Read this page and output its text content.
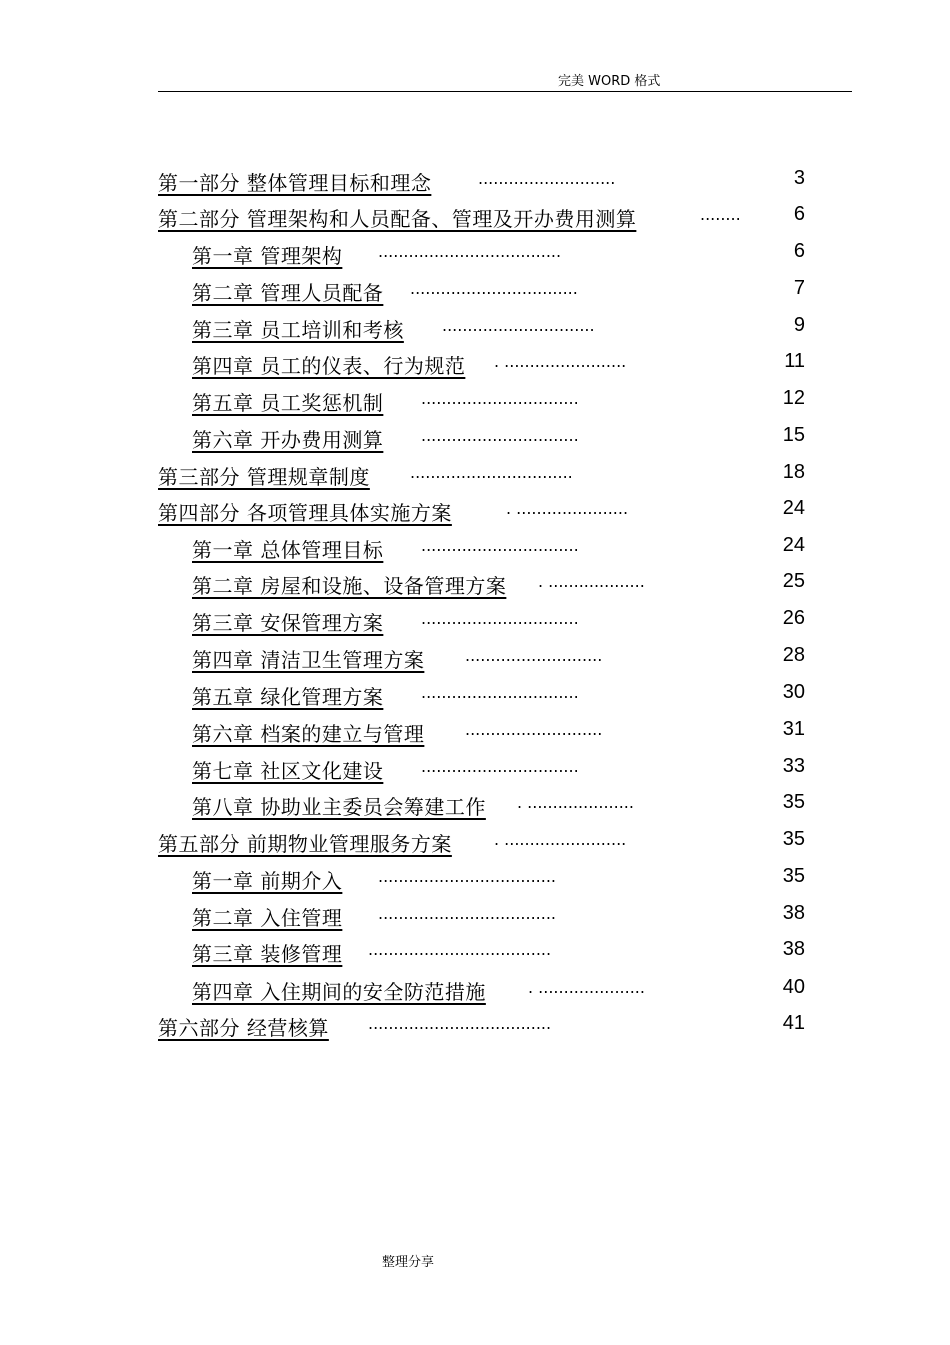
完美 WORD 格式
第一部分 整体管理目标和理念	...........................	3
第二部分 管理架构和人员配备、管理及开办费用测算	........	6
第一章 管理架构 ....................................	6
第二章 管理人员配备 .................................	7
第三章 员工培训和考核 ..............................	9
第四章 员工的仪表、行为规范 . ........................	11
第五章 员工奖惩机制 ...............................	12
第六章 开办费用测算 ...............................	15
第三部分 管理规章制度	................................	18
第四部分 各项管理具体实施方案	. ......................	24
第一章 总体管理目标 ...............................	24
第二章 房屋和设施、设备管理方案 . ...................	25
第三章 安保管理方案 ...............................	26
第四章 清洁卫生管理方案	...........................	28
第五章 绿化管理方案 ...............................	30
第六章 档案的建立与管理	...........................	31
第七章 社区文化建设 ...............................	33
第八章 协助业主委员会筹建工作 . .....................	35
第五部分 前期物业管理服务方案	. ........................	35
第一章 前期介入 ...................................	35
第二章 入住管理 ...................................	38
第三章 装修管理 ....................................	38
第四章 入住期间的安全防范措施	. .....................	40
第六部分 经营核算 ....................................	41
整理分享
